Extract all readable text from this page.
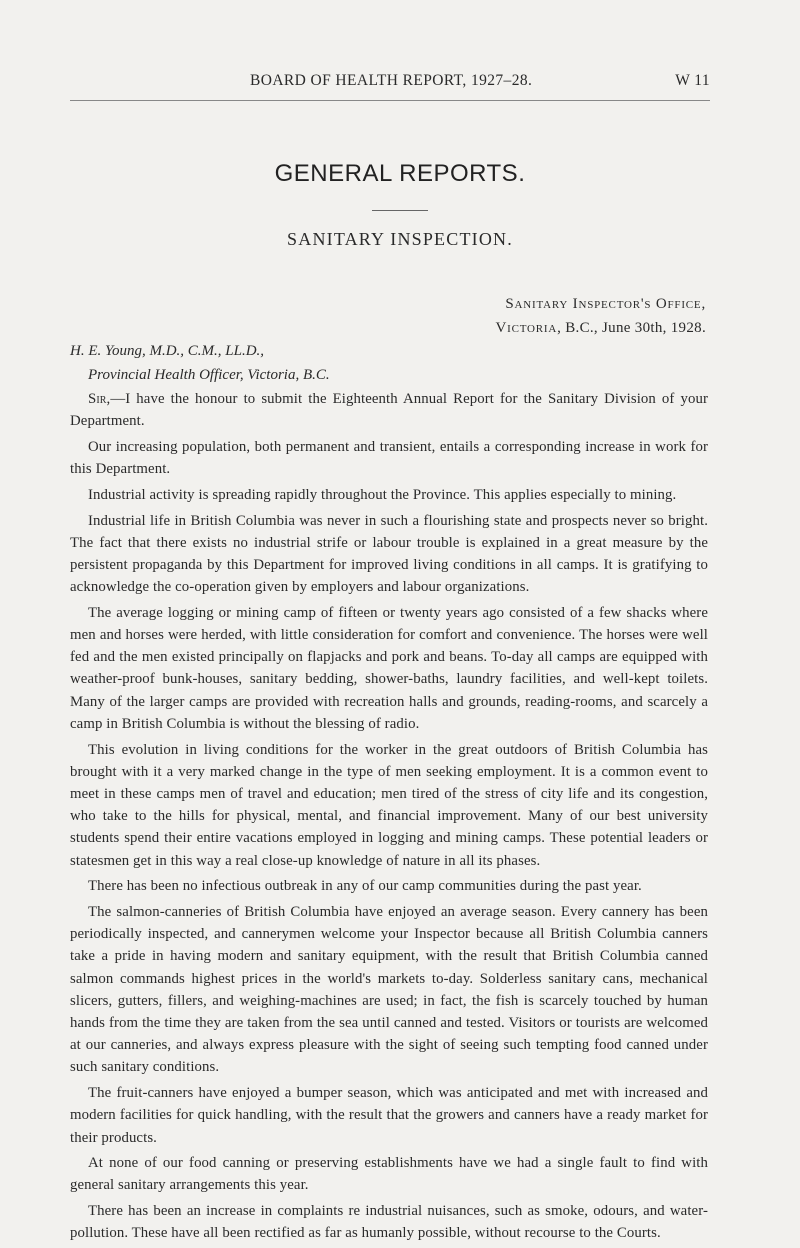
BOARD OF HEALTH REPORT, 1927–28.	W 11
GENERAL REPORTS.
SANITARY INSPECTION.
Sanitary Inspector's Office,
Victoria, B.C., June 30th, 1928.
H. E. Young, M.D., C.M., LL.D.,
Provincial Health Officer, Victoria, B.C.

Sir,—I have the honour to submit the Eighteenth Annual Report for the Sanitary Division of your Department.

Our increasing population, both permanent and transient, entails a corresponding increase in work for this Department.

Industrial activity is spreading rapidly throughout the Province. This applies especially to mining.

Industrial life in British Columbia was never in such a flourishing state and prospects never so bright. The fact that there exists no industrial strife or labour trouble is explained in a great measure by the persistent propaganda by this Department for improved living conditions in all camps. It is gratifying to acknowledge the co-operation given by employers and labour organizations.

The average logging or mining camp of fifteen or twenty years ago consisted of a few shacks where men and horses were herded, with little consideration for comfort and convenience. The horses were well fed and the men existed principally on flapjacks and pork and beans. To-day all camps are equipped with weather-proof bunk-houses, sanitary bedding, shower-baths, laundry facilities, and well-kept toilets. Many of the larger camps are provided with recreation halls and grounds, reading-rooms, and scarcely a camp in British Columbia is without the blessing of radio.

This evolution in living conditions for the worker in the great outdoors of British Columbia has brought with it a very marked change in the type of men seeking employment. It is a common event to meet in these camps men of travel and education; men tired of the stress of city life and its congestion, who take to the hills for physical, mental, and financial improvement. Many of our best university students spend their entire vacations employed in logging and mining camps. These potential leaders or statesmen get in this way a real close-up knowledge of nature in all its phases.

There has been no infectious outbreak in any of our camp communities during the past year.

The salmon-canneries of British Columbia have enjoyed an average season. Every cannery has been periodically inspected, and cannerymen welcome your Inspector because all British Columbia canners take a pride in having modern and sanitary equipment, with the result that British Columbia canned salmon commands highest prices in the world's markets to-day. Solderless sanitary cans, mechanical slicers, gutters, fillers, and weighing-machines are used; in fact, the fish is scarcely touched by human hands from the time they are taken from the sea until canned and tested. Visitors or tourists are welcomed at our canneries, and always express pleasure with the sight of seeing such tempting food canned under such sanitary conditions.

The fruit-canners have enjoyed a bumper season, which was anticipated and met with increased and modern facilities for quick handling, with the result that the growers and canners have a ready market for their products.

At none of our food canning or preserving establishments have we had a single fault to find with general sanitary arrangements this year.

There has been an increase in complaints re industrial nuisances, such as smoke, odours, and water-pollution. These have all been rectified as far as humanly possible, without recourse to the Courts.
